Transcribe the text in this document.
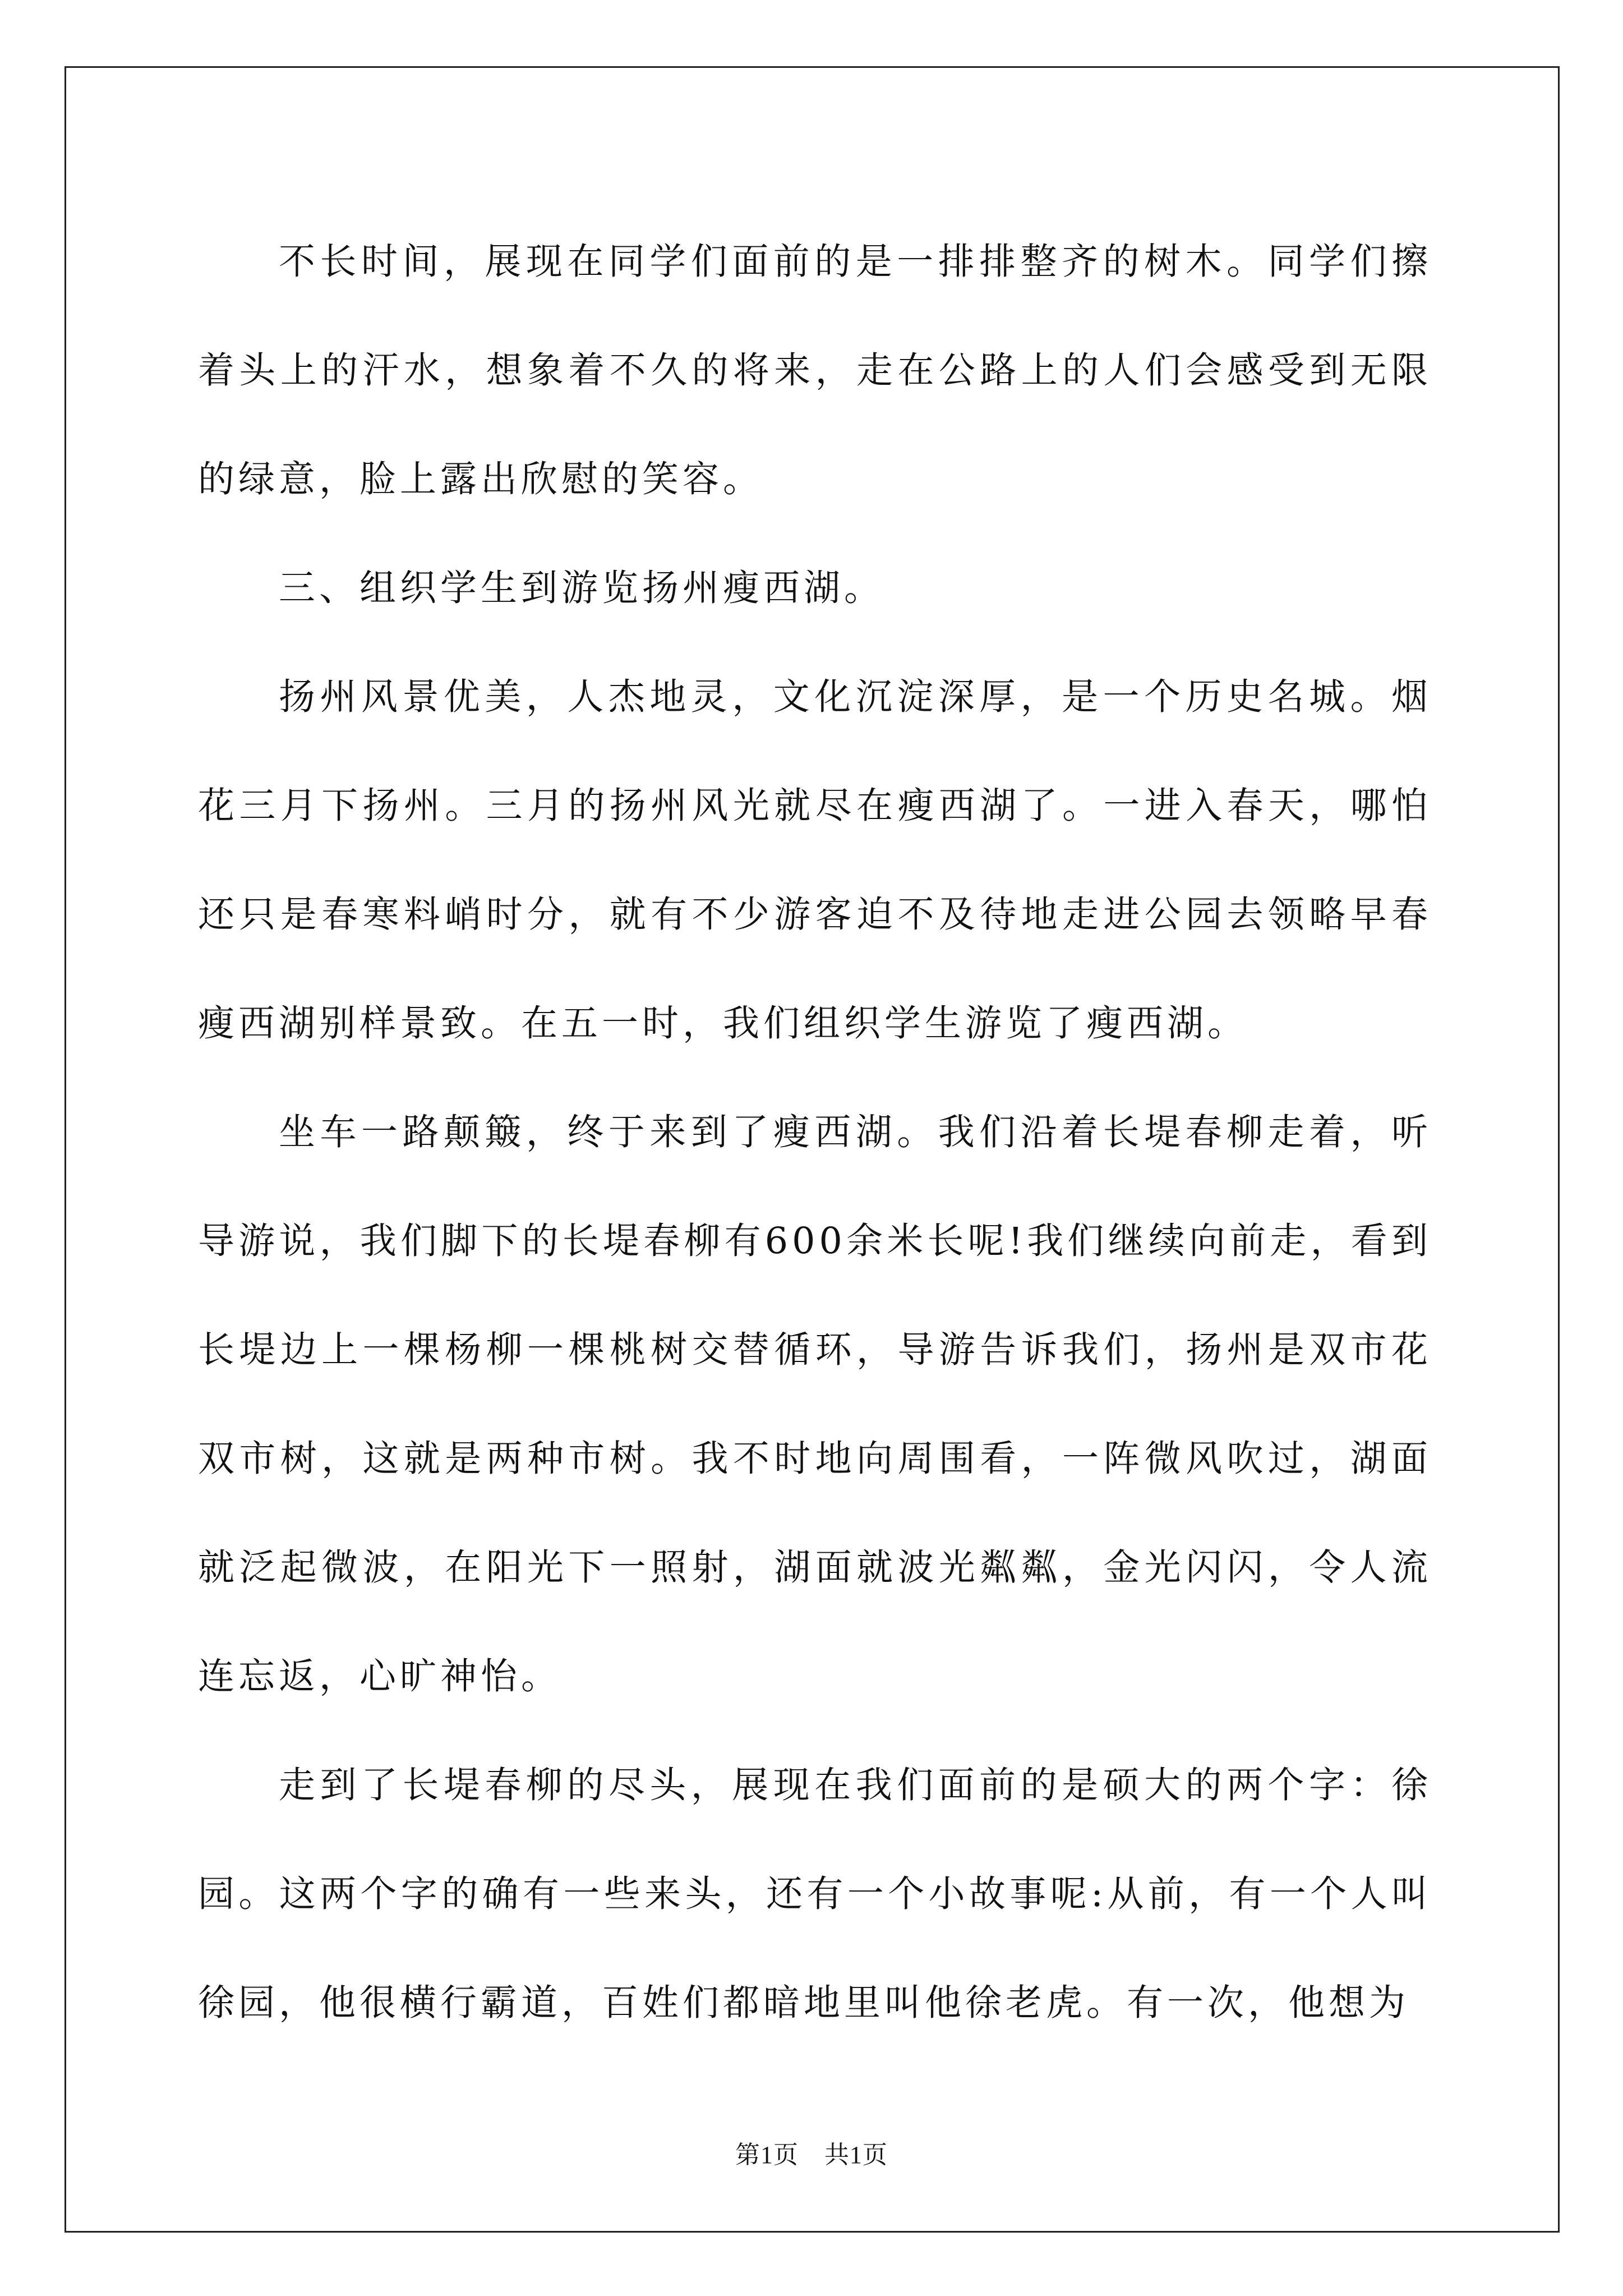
不长时间，展现在同学们面前的是一排排整齐的树木。同学们擦着头上的汗水，想象着不久的将来，走在公路上的人们会感受到无限的绿意，脸上露出欣慰的笑容。

三、组织学生到游览扬州瘦西湖。

扬州风景优美，人杰地灵，文化沉淀深厚，是一个历史名城。烟花三月下扬州。三月的扬州风光就尽在瘦西湖了。一进入春天，哪怕还只是春寒料峭时分，就有不少游客迫不及待地走进公园去领略早春瘦西湖别样景致。在五一时，我们组织学生游览了瘦西湖。

坐车一路颠簸，终于来到了瘦西湖。我们沿着长堤春柳走着，听导游说，我们脚下的长堤春柳有600余米长呢!我们继续向前走，看到长堤边上一棵杨柳一棵桃树交替循环，导游告诉我们，扬州是双市花双市树，这就是两种市树。我不时地向周围看，一阵微风吹过，湖面就泛起微波，在阳光下一照射，湖面就波光粼粼，金光闪闪，令人流连忘返，心旷神怡。

走到了长堤春柳的尽头，展现在我们面前的是硕大的两个字：徐园。这两个字的确有一些来头，还有一个小故事呢:从前，有一个人叫徐园，他很横行霸道，百姓们都暗地里叫他徐老虎。有一次，他想为

第1页 共1页
